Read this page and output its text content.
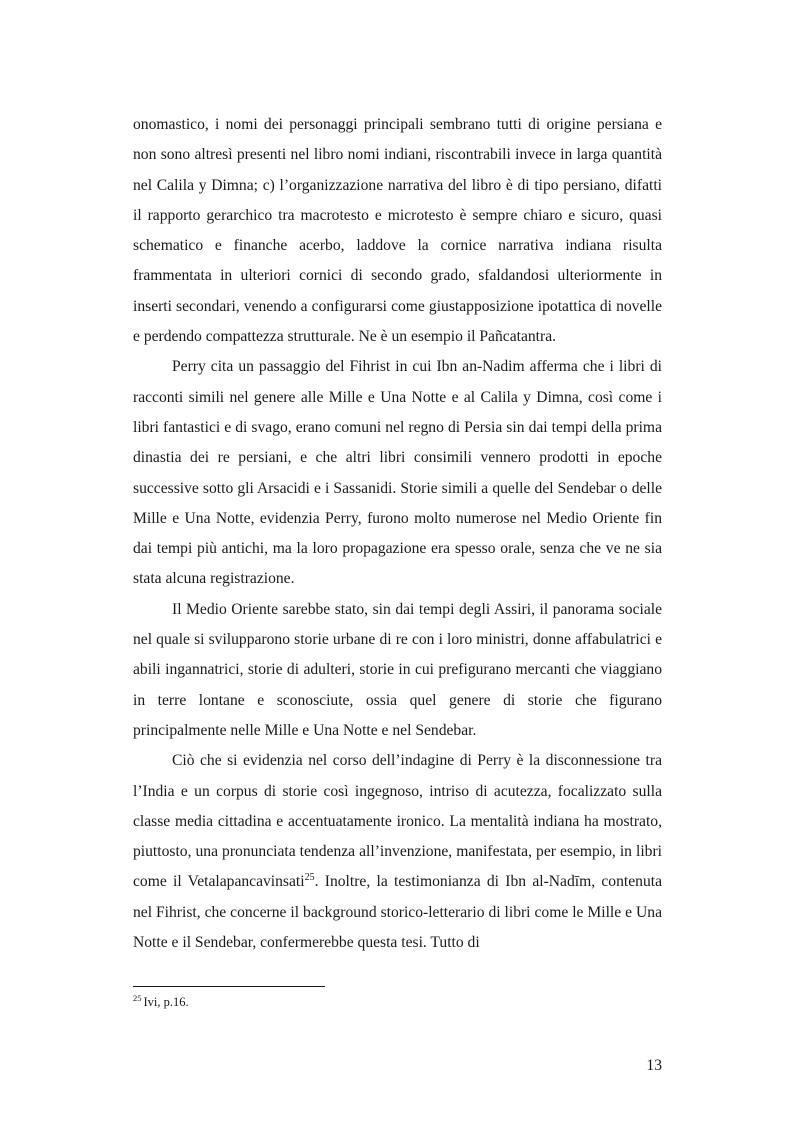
onomastico, i nomi dei personaggi principali sembrano tutti di origine persiana e non sono altresì presenti nel libro nomi indiani, riscontrabili invece in larga quantità nel Calila y Dimna; c) l’organizzazione narrativa del libro è di tipo persiano, difatti il rapporto gerarchico tra macrotesto e microtesto è sempre chiaro e sicuro, quasi schematico e finanche acerbo, laddove la cornice narrativa indiana risulta frammentata in ulteriori cornici di secondo grado, sfaldandosi ulteriormente in inserti secondari, venendo a configurarsi come giustapposizione ipotattica di novelle e perdendo compattezza strutturale. Ne è un esempio il Pañcatantra.

Perry cita un passaggio del Fihrist in cui Ibn an-Nadim afferma che i libri di racconti simili nel genere alle Mille e Una Notte e al Calila y Dimna, così come i libri fantastici e di svago, erano comuni nel regno di Persia sin dai tempi della prima dinastia dei re persiani, e che altri libri consimili vennero prodotti in epoche successive sotto gli Arsacidi e i Sassanidi. Storie simili a quelle del Sendebar o delle Mille e Una Notte, evidenzia Perry, furono molto numerose nel Medio Oriente fin dai tempi più antichi, ma la loro propagazione era spesso orale, senza che ve ne sia stata alcuna registrazione.

Il Medio Oriente sarebbe stato, sin dai tempi degli Assiri, il panorama sociale nel quale si svilupparono storie urbane di re con i loro ministri, donne affabulatrici e abili ingannatrici, storie di adulteri, storie in cui prefigurano mercanti che viaggiano in terre lontane e sconosciute, ossia quel genere di storie che figurano principalmente nelle Mille e Una Notte e nel Sendebar.

Ciò che si evidenzia nel corso dell’indagine di Perry è la disconnessione tra l’India e un corpus di storie così ingegnoso, intriso di acutezza, focalizzato sulla classe media cittadina e accentuatamente ironico. La mentalità indiana ha mostrato, piuttosto, una pronunciata tendenza all’invenzione, manifestata, per esempio, in libri come il Vetalapancavinsati$^{25}$. Inoltre, la testimonianza di Ibn al-Nadīm, contenuta nel Fihrist, che concerne il background storico-letterario di libri come le Mille e Una Notte e il Sendebar, confermerebbe questa tesi. Tutto di

$^{25}$ Ivi, p.16.
13
